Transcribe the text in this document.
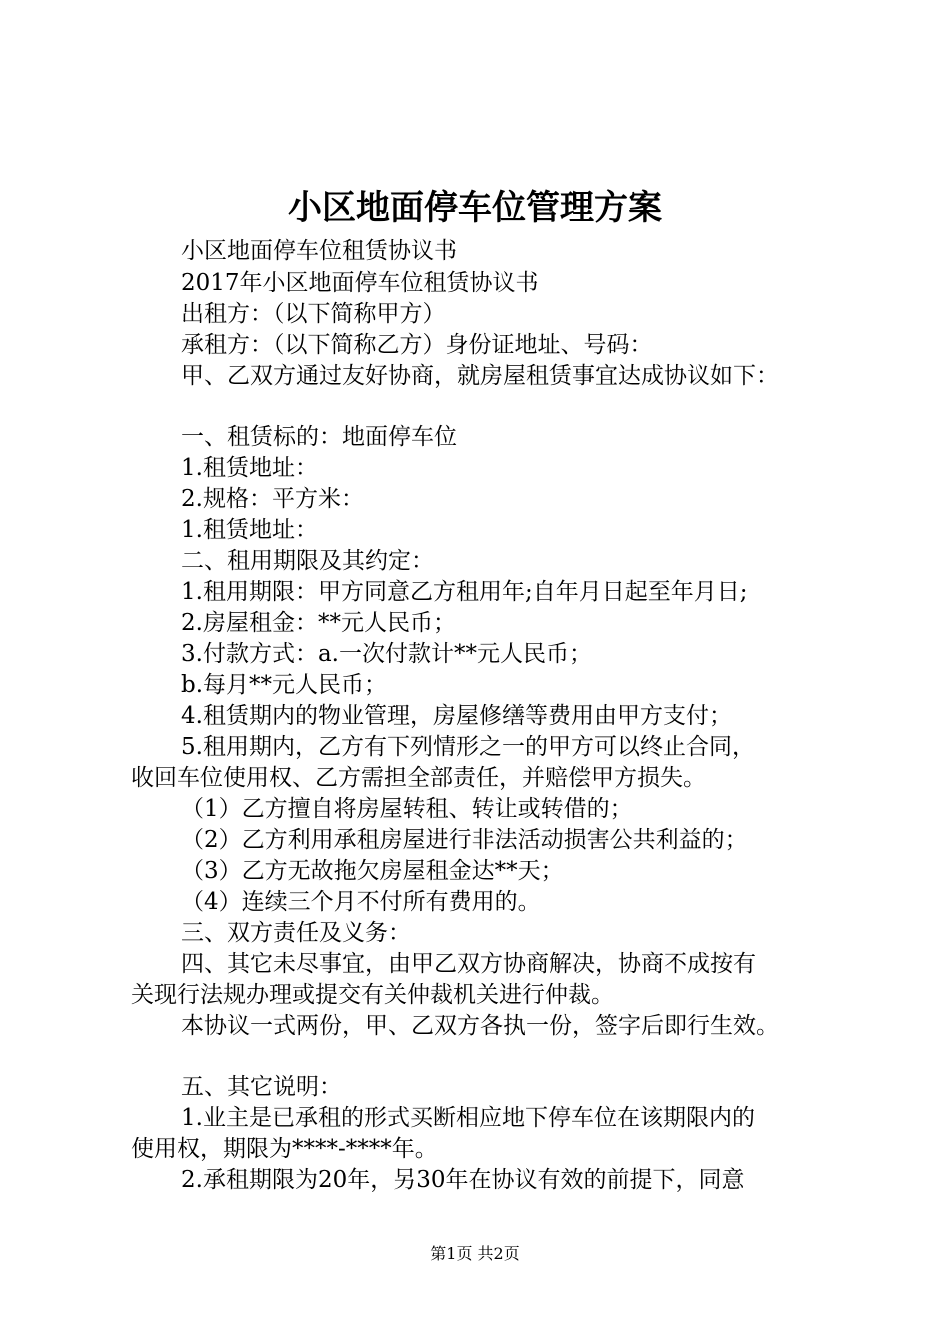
小区地面停车位管理方案

小区地面停车位租赁协议书

2017年小区地面停车位租赁协议书

出租方：（以下简称甲方）

承租方：（以下简称乙方）身份证地址、号码：

甲、乙双方通过友好协商，就房屋租赁事宜达成协议如下：

一、租赁标的：地面停车位

1.租赁地址：

2.规格：平方米：

1.租赁地址：

二、租用期限及其约定：

1.租用期限：甲方同意乙方租用年;自年月日起至年月日;

2.房屋租金：**元人民币；

3.付款方式：a.一次付款计**元人民币；

b.每月**元人民币；

4.租赁期内的物业管理，房屋修缮等费用由甲方支付；

5.租用期内，乙方有下列情形之一的甲方可以终止合同，

收回车位使用权、乙方需担全部责任，并赔偿甲方损失。

（1）乙方擅自将房屋转租、转让或转借的；

（2）乙方利用承租房屋进行非法活动损害公共利益的；

（3）乙方无故拖欠房屋租金达**天；

（4）连续三个月不付所有费用的。

三、双方责任及义务：

四、其它未尽事宜，由甲乙双方协商解决，协商不成按有

关现行法规办理或提交有关仲裁机关进行仲裁。

本协议一式两份，甲、乙双方各执一份，签字后即行生效。

五、其它说明：

1.业主是已承租的形式买断相应地下停车位在该期限内的

使用权，期限为****-****年。

2.承租期限为20年，另30年在协议有效的前提下，同意

第1页 共2页
